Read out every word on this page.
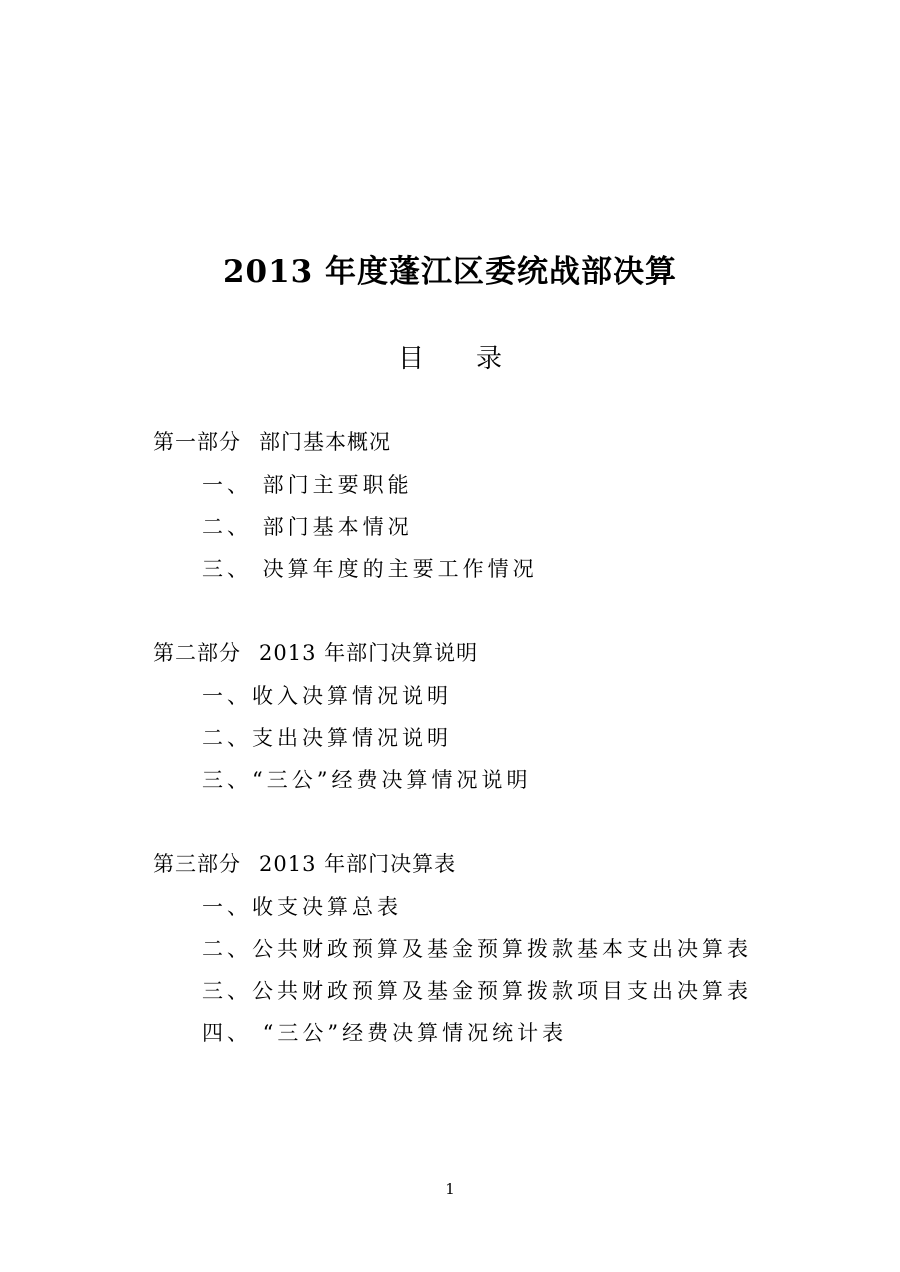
2013 年度蓬江区委统战部决算
目录
第一部分 部门基本概况
一、 部门主要职能
二、 部门基本情况
三、 决算年度的主要工作情况
第二部分 2013 年部门决算说明
一、收入决算情况说明
二、支出决算情况说明
三、“三公”经费决算情况说明
第三部分 2013 年部门决算表
一、收支决算总表
二、公共财政预算及基金预算拨款基本支出决算表
三、公共财政预算及基金预算拨款项目支出决算表
四、 “三公”经费决算情况统计表
1
